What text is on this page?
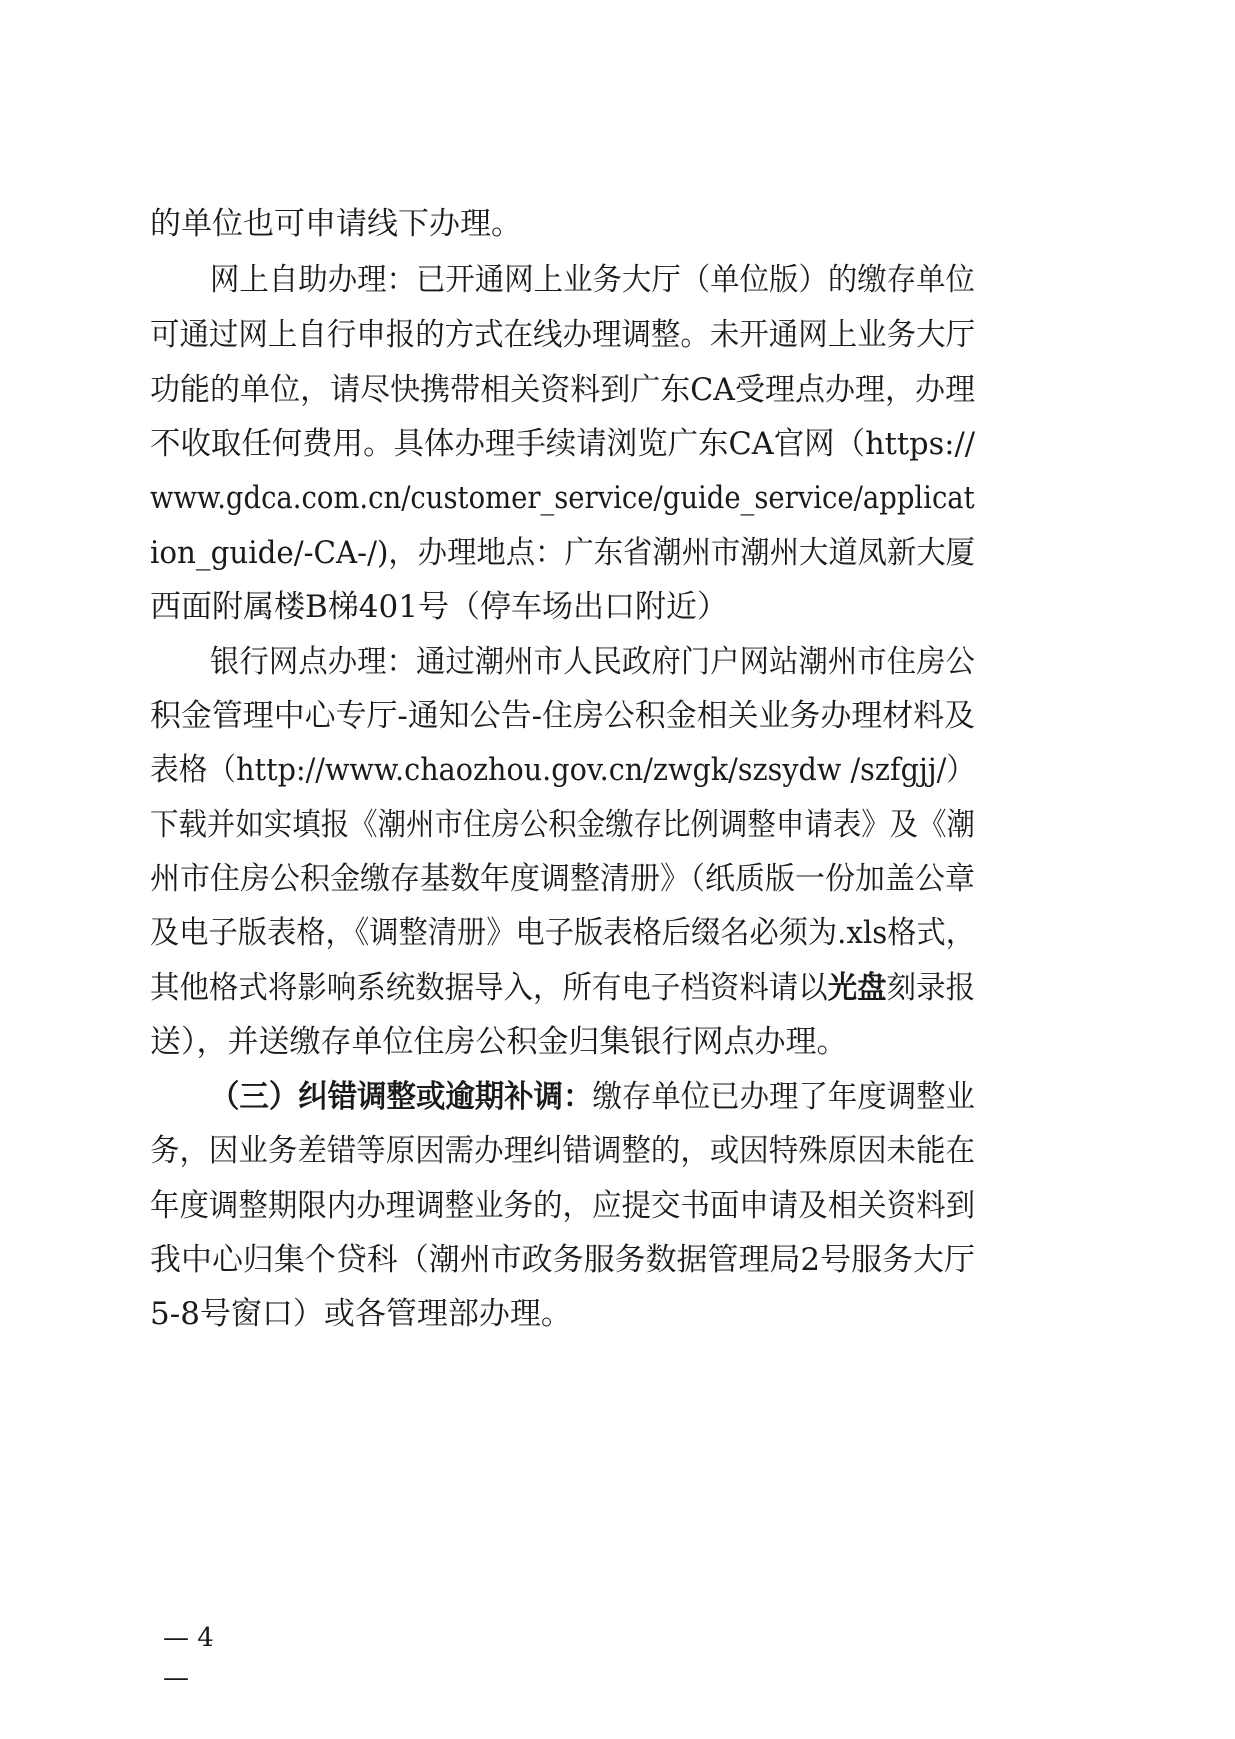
的单位也可申请线下办理。
网上自助办理：已开通网上业务大厅（单位版）的缴存单位
可通过网上自行申报的方式在线办理调整。未开通网上业务大厅
功能的单位，请尽快携带相关资料到广东CA受理点办理，办理
不收取任何费用。具体办理手续请浏览广东CA官网（https://
www.gdca.com.cn/customer_service/guide_service/applicat
ion_guide/-CA-/)，办理地点：广东省潮州市潮州大道凤新大厦
西面附属楼B梯401号（停车场出口附近）
银行网点办理：通过潮州市人民政府门户网站潮州市住房公
积金管理中心专厅-通知公告-住房公积金相关业务办理材料及
表格（http://www.chaozhou.gov.cn/zwgk/szsydw /szfgjj/）
下载并如实填报《潮州市住房公积金缴存比例调整申请表》及《潮
州市住房公积金缴存基数年度调整清册》（纸质版一份加盖公章
及电子版表格，《调整清册》电子版表格后缀名必须为.xls格式，
其他格式将影响系统数据导入，所有电子档资料请以光盘刻录报
送），并送缴存单位住房公积金归集银行网点办理。
（三）纠错调整或逾期补调：缴存单位已办理了年度调整业
务，因业务差错等原因需办理纠错调整的，或因特殊原因未能在
年度调整期限内办理调整业务的，应提交书面申请及相关资料到
我中心归集个贷科（潮州市政务服务数据管理局2号服务大厅
5-8号窗口）或各管理部办理。
— 4 —
